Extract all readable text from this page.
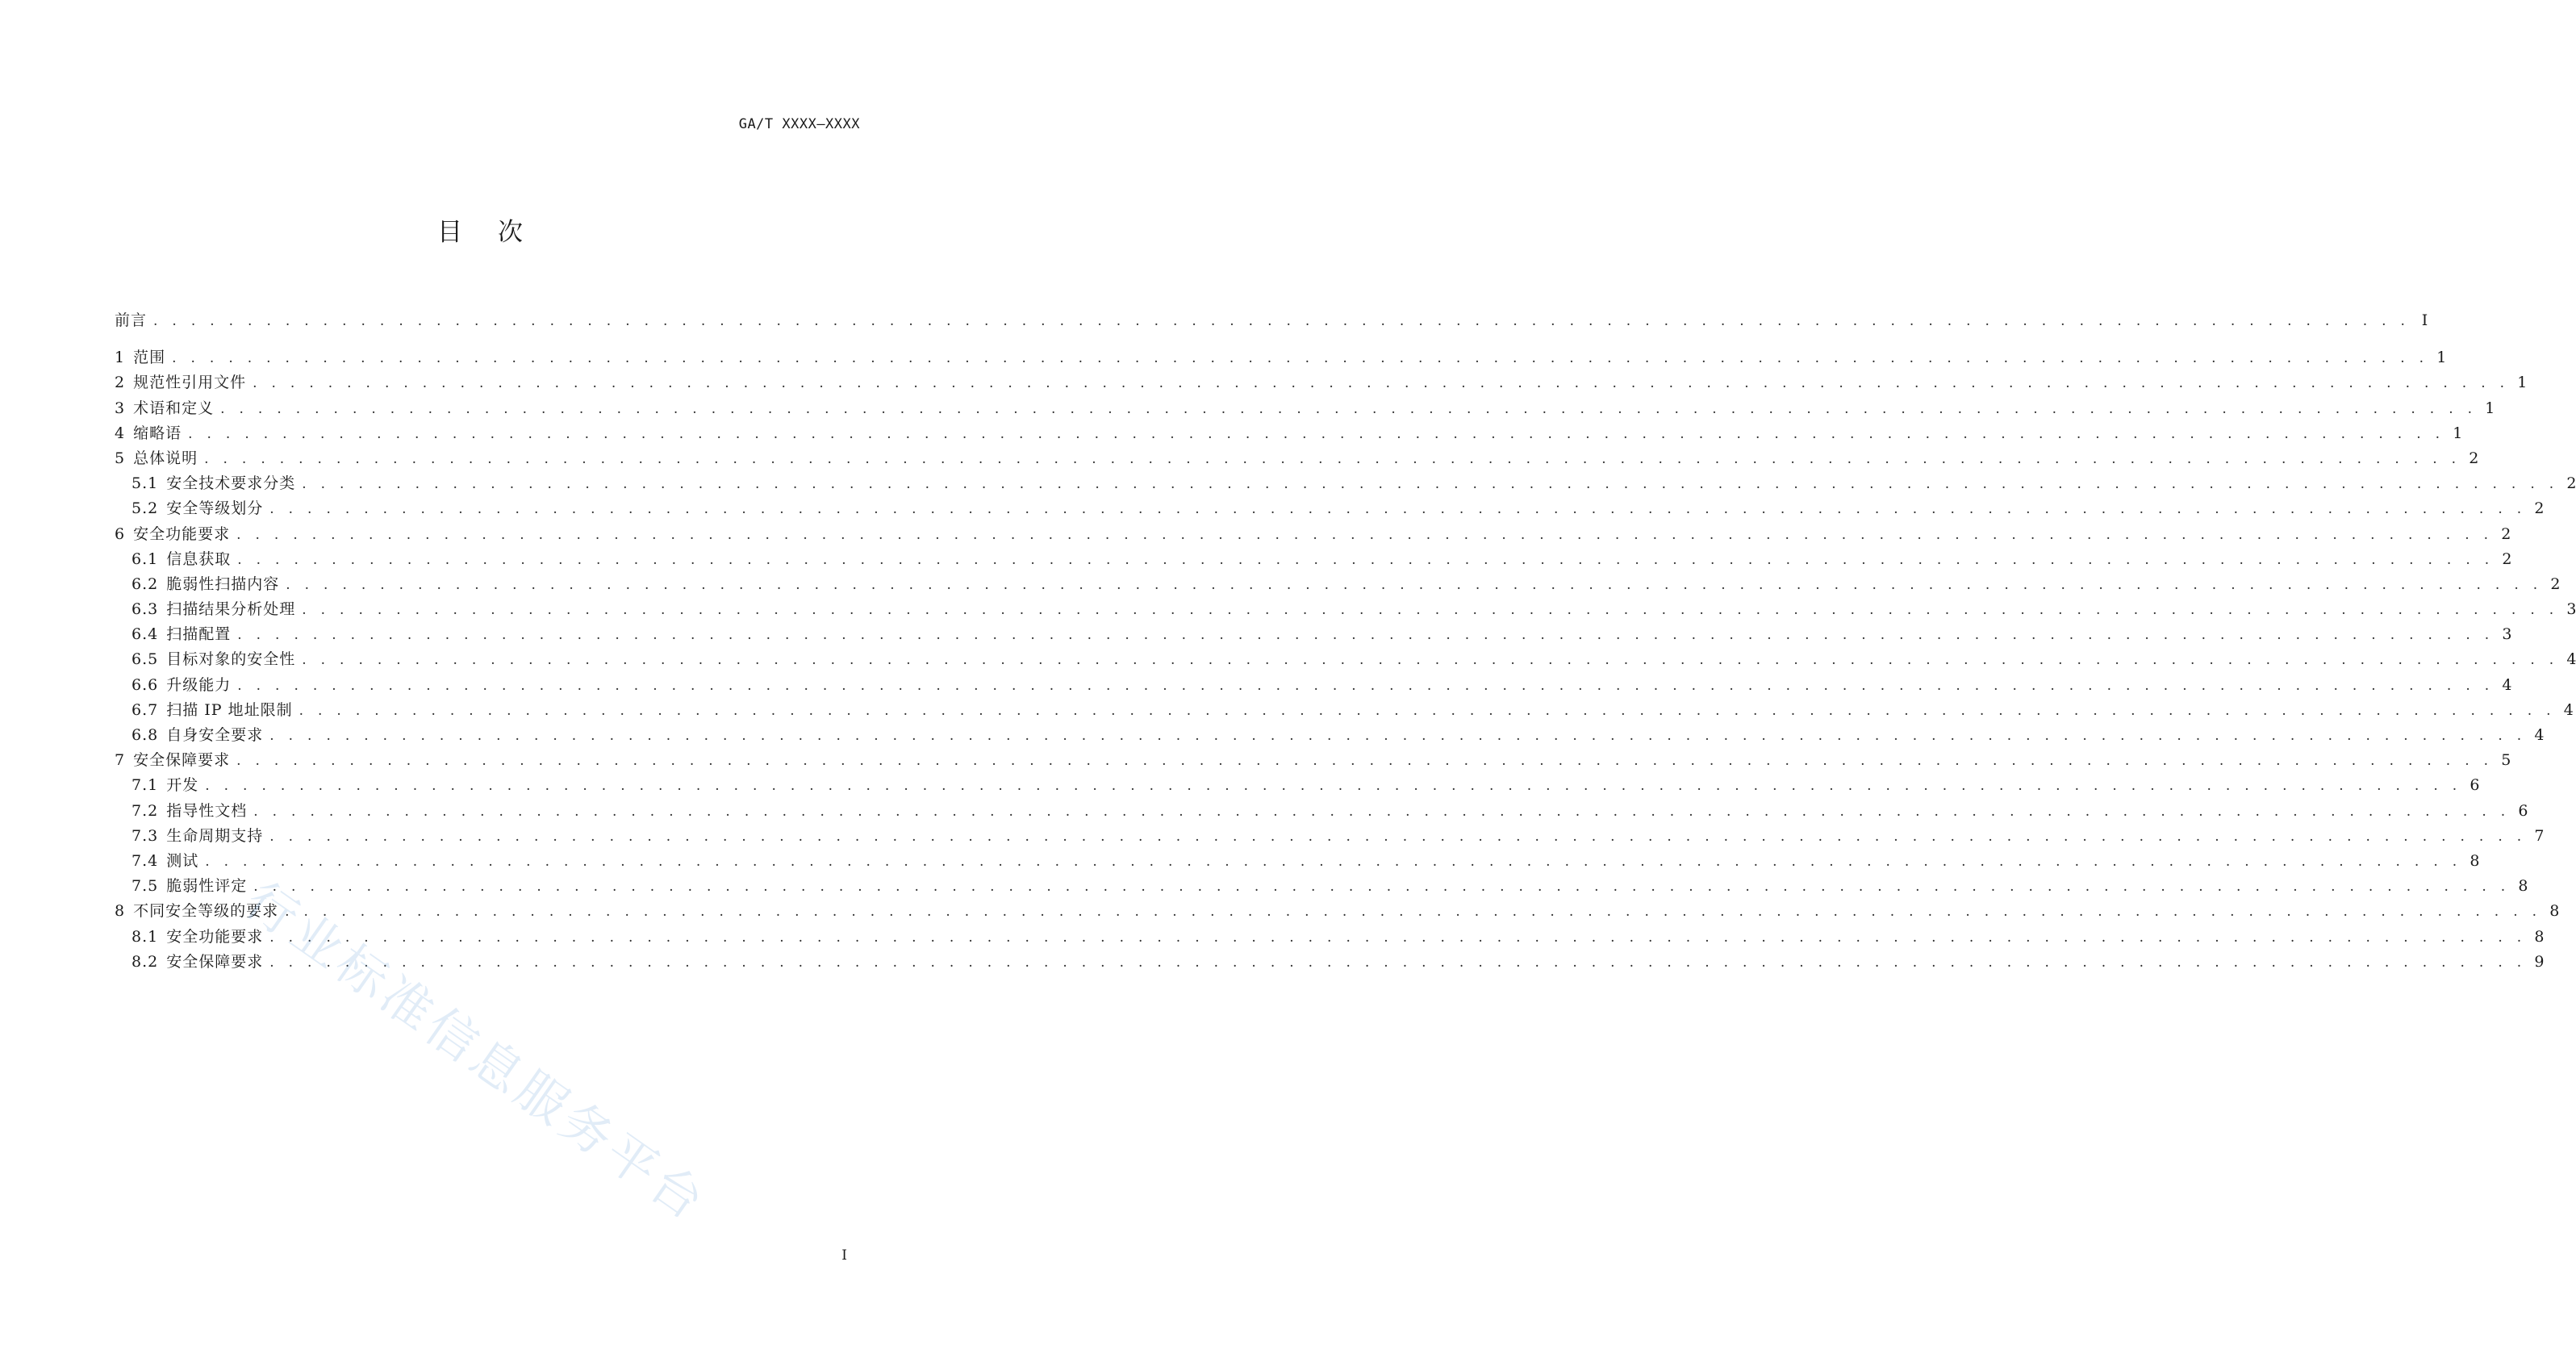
GA/T XXXX—XXXX
目 次
前言 . . . . . . . . . . . . . . . . . . . . . . . . . . . . . . . . . . . . . . . . . . . . . . . . . . . . . . . . . . . . . . . . . . . . . . . . . . . . . . . . . . . . . . . . . . . . . . . . . . . . . . . . . . . . . . . . . . . . . . . . I
1 范围 . . . . . . . . . . . . . . . . . . . . . . . . . . . . . . . . . . . . . . . . . . . . . . . . . . . . . . . . . . . . . . . . . . . . . . . . . . . . . . . . . . . . . . . . . . . . . . . . . . . . . . . . . . . . . . . . . . . . . . . . 1
2 规范性引用文件 . . . . . . . . . . . . . . . . . . . . . . . . . . . . . . . . . . . . . . . . . . . . . . . . . . . . . . . . . . . . . . . . . . . . . . . . . . . . . . . . . . . . . . . . . . . . . . . . . . . . . . . . . . . . . . . . . . . . . . . . 1
3 术语和定义 . . . . . . . . . . . . . . . . . . . . . . . . . . . . . . . . . . . . . . . . . . . . . . . . . . . . . . . . . . . . . . . . . . . . . . . . . . . . . . . . . . . . . . . . . . . . . . . . . . . . . . . . . . . . . . . . . . . . . . . . 1
4 缩略语 . . . . . . . . . . . . . . . . . . . . . . . . . . . . . . . . . . . . . . . . . . . . . . . . . . . . . . . . . . . . . . . . . . . . . . . . . . . . . . . . . . . . . . . . . . . . . . . . . . . . . . . . . . . . . . . . . . . . . . . . 1
5 总体说明 . . . . . . . . . . . . . . . . . . . . . . . . . . . . . . . . . . . . . . . . . . . . . . . . . . . . . . . . . . . . . . . . . . . . . . . . . . . . . . . . . . . . . . . . . . . . . . . . . . . . . . . . . . . . . . . . . . . . . . . . 2
5.1 安全技术要求分类 . . . . . . . . . . . . . . . . . . . . . . . . . . . . . . . . . . . . . . . . . . . . . . . . . . . . . . . . . . . . . . . . . . . . . . . . . . . . . . . . . . . . . . . . . . . . . . . . . . . . . . . . . . . . . . . . . . . . . . . . 2
5.2 安全等级划分 . . . . . . . . . . . . . . . . . . . . . . . . . . . . . . . . . . . . . . . . . . . . . . . . . . . . . . . . . . . . . . . . . . . . . . . . . . . . . . . . . . . . . . . . . . . . . . . . . . . . . . . . . . . . . . . . . . . . . . . . 2
6 安全功能要求 . . . . . . . . . . . . . . . . . . . . . . . . . . . . . . . . . . . . . . . . . . . . . . . . . . . . . . . . . . . . . . . . . . . . . . . . . . . . . . . . . . . . . . . . . . . . . . . . . . . . . . . . . . . . . . . . . . . . . . . . 2
6.1 信息获取 . . . . . . . . . . . . . . . . . . . . . . . . . . . . . . . . . . . . . . . . . . . . . . . . . . . . . . . . . . . . . . . . . . . . . . . . . . . . . . . . . . . . . . . . . . . . . . . . . . . . . . . . . . . . . . . . . . . . . . . . 2
6.2 脆弱性扫描内容 . . . . . . . . . . . . . . . . . . . . . . . . . . . . . . . . . . . . . . . . . . . . . . . . . . . . . . . . . . . . . . . . . . . . . . . . . . . . . . . . . . . . . . . . . . . . . . . . . . . . . . . . . . . . . . . . . . . . . . . . 2
6.3 扫描结果分析处理 . . . . . . . . . . . . . . . . . . . . . . . . . . . . . . . . . . . . . . . . . . . . . . . . . . . . . . . . . . . . . . . . . . . . . . . . . . . . . . . . . . . . . . . . . . . . . . . . . . . . . . . . . . . . . . . . . . . . . . . . 3
6.4 扫描配置 . . . . . . . . . . . . . . . . . . . . . . . . . . . . . . . . . . . . . . . . . . . . . . . . . . . . . . . . . . . . . . . . . . . . . . . . . . . . . . . . . . . . . . . . . . . . . . . . . . . . . . . . . . . . . . . . . . . . . . . . 3
6.5 目标对象的安全性 . . . . . . . . . . . . . . . . . . . . . . . . . . . . . . . . . . . . . . . . . . . . . . . . . . . . . . . . . . . . . . . . . . . . . . . . . . . . . . . . . . . . . . . . . . . . . . . . . . . . . . . . . . . . . . . . . . . . . . . . 4
6.6 升级能力 . . . . . . . . . . . . . . . . . . . . . . . . . . . . . . . . . . . . . . . . . . . . . . . . . . . . . . . . . . . . . . . . . . . . . . . . . . . . . . . . . . . . . . . . . . . . . . . . . . . . . . . . . . . . . . . . . . . . . . . . 4
6.7 扫描 IP 地址限制 . . . . . . . . . . . . . . . . . . . . . . . . . . . . . . . . . . . . . . . . . . . . . . . . . . . . . . . . . . . . . . . . . . . . . . . . . . . . . . . . . . . . . . . . . . . . . . . . . . . . . . . . . . . . . . . . . . . . . . . . 4
6.8 自身安全要求 . . . . . . . . . . . . . . . . . . . . . . . . . . . . . . . . . . . . . . . . . . . . . . . . . . . . . . . . . . . . . . . . . . . . . . . . . . . . . . . . . . . . . . . . . . . . . . . . . . . . . . . . . . . . . . . . . . . . . . . . 4
7 安全保障要求 . . . . . . . . . . . . . . . . . . . . . . . . . . . . . . . . . . . . . . . . . . . . . . . . . . . . . . . . . . . . . . . . . . . . . . . . . . . . . . . . . . . . . . . . . . . . . . . . . . . . . . . . . . . . . . . . . . . . . . . . 5
7.1 开发 . . . . . . . . . . . . . . . . . . . . . . . . . . . . . . . . . . . . . . . . . . . . . . . . . . . . . . . . . . . . . . . . . . . . . . . . . . . . . . . . . . . . . . . . . . . . . . . . . . . . . . . . . . . . . . . . . . . . . . . . 6
7.2 指导性文档 . . . . . . . . . . . . . . . . . . . . . . . . . . . . . . . . . . . . . . . . . . . . . . . . . . . . . . . . . . . . . . . . . . . . . . . . . . . . . . . . . . . . . . . . . . . . . . . . . . . . . . . . . . . . . . . . . . . . . . . . 6
7.3 生命周期支持 . . . . . . . . . . . . . . . . . . . . . . . . . . . . . . . . . . . . . . . . . . . . . . . . . . . . . . . . . . . . . . . . . . . . . . . . . . . . . . . . . . . . . . . . . . . . . . . . . . . . . . . . . . . . . . . . . . . . . . . . 7
7.4 测试 . . . . . . . . . . . . . . . . . . . . . . . . . . . . . . . . . . . . . . . . . . . . . . . . . . . . . . . . . . . . . . . . . . . . . . . . . . . . . . . . . . . . . . . . . . . . . . . . . . . . . . . . . . . . . . . . . . . . . . . . 8
7.5 脆弱性评定 . . . . . . . . . . . . . . . . . . . . . . . . . . . . . . . . . . . . . . . . . . . . . . . . . . . . . . . . . . . . . . . . . . . . . . . . . . . . . . . . . . . . . . . . . . . . . . . . . . . . . . . . . . . . . . . . . . . . . . . . 8
8 不同安全等级的要求 . . . . . . . . . . . . . . . . . . . . . . . . . . . . . . . . . . . . . . . . . . . . . . . . . . . . . . . . . . . . . . . . . . . . . . . . . . . . . . . . . . . . . . . . . . . . . . . . . . . . . . . . . . . . . . . . . . . . . . . . 8
8.1 安全功能要求 . . . . . . . . . . . . . . . . . . . . . . . . . . . . . . . . . . . . . . . . . . . . . . . . . . . . . . . . . . . . . . . . . . . . . . . . . . . . . . . . . . . . . . . . . . . . . . . . . . . . . . . . . . . . . . . . . . . . . . . . 8
8.2 安全保障要求 . . . . . . . . . . . . . . . . . . . . . . . . . . . . . . . . . . . . . . . . . . . . . . . . . . . . . . . . . . . . . . . . . . . . . . . . . . . . . . . . . . . . . . . . . . . . . . . . . . . . . . . . . . . . . . . . . . . . . . . . 9
I
行业标准信息服务平台
